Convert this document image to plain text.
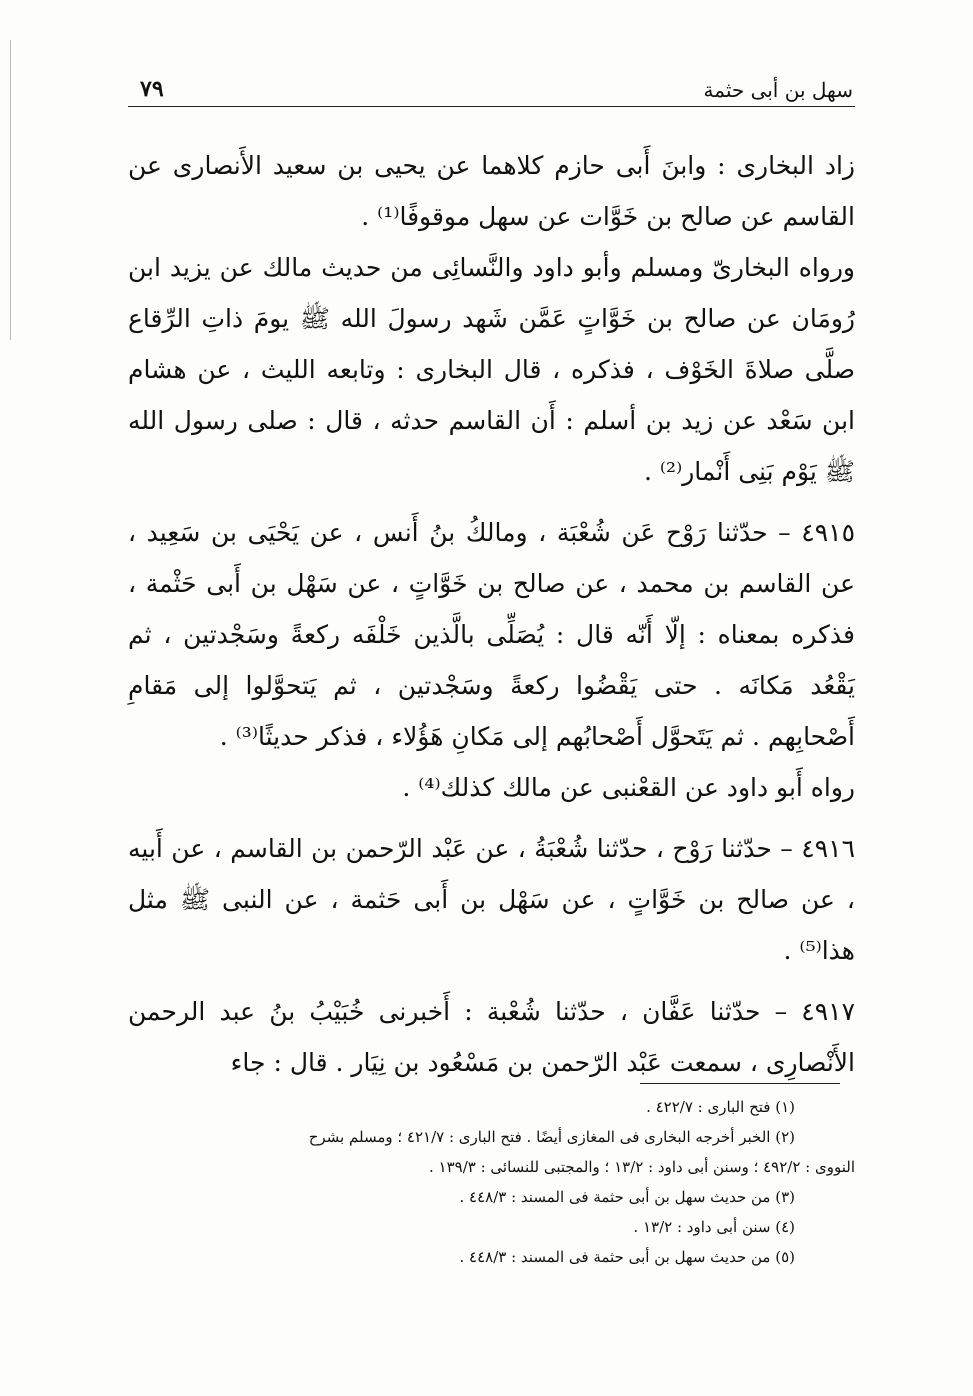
سهل بن أبى حثمة
٧٩

زاد البخارى : وابنَ أَبى حازم كلاهما عن يحيى بن سعيد الأَنصارى عن القاسم عن صالح بن خَوَّات عن سهل موقوفًا⁽¹⁾ .

ورواه البخارىّ ومسلم وأبو داود والنَّسائِى من حديث مالك عن يزيد ابن رُومَان عن صالح بن خَوَّاتٍ عَمَّن شَهد رسولَ الله ﷺ يومَ ذاتِ الرِّقاع صلَّى صلاةَ الخَوْف ، فذكره ، قال البخارى : وتابعه الليث ، عن هشام ابن سَعْد عن زيد بن أسلم : أَن القاسم حدثه ، قال : صلى رسول الله ﷺ يَوْم بَنِى أَنْمار⁽²⁾ .

٤٩١٥ – حدّثنا رَوْح عَن شُعْبَة ، ومالكُ بنُ أَنس ، عن يَحْيَى بن سَعِيد ، عن القاسم بن محمد ، عن صالح بن خَوَّاتٍ ، عن سَهْل بن أَبى حَثْمة ، فذكره بمعناه : إلّا أَنّه قال : يُصَلِّى بالَّذين خَلْفَه ركعةً وسَجْدتين ، ثم يَقْعُد مَكانَه . حتى يَقْضُوا ركعةً وسَجْدتين ، ثم يَتحوَّلوا إلى مَقامِ أَصْحابِهم . ثم يَتَحوَّل أَصْحابُهم إلى مَكانِ هَؤُلاء ، فذكر حديثًا⁽³⁾ .

رواه أَبو داود عن القعْنبى عن مالك كذلك⁽⁴⁾ .

٤٩١٦ – حدّثنا رَوْح ، حدّثنا شُعْبَةُ ، عن عَبْد الرّحمن بن القاسم ، عن أَبيه ، عن صالح بن خَوَّاتٍ ، عن سَهْل بن أَبى حَثمة ، عن النبى ﷺ مثل هذا⁽⁵⁾ .

٤٩١٧ – حدّثنا عَفَّان ، حدّثنا شُعْبة : أَخبرنى خُبَيْبُ بنُ عبد الرحمن الأَنْصارِى ، سمعت عَبْد الرّحمن بن مَسْعُود بن نِيَار . قال : جاء

(١) فتح البارى : ٤٢٢/٧ .

(٢) الخبر أخرجه البخارى فى المغازى أيضًا . فتح البارى : ٤٢١/٧ ؛ ومسلم بشرح

النووى : ٤٩٢/٢ ؛ وسنن أبى داود : ١٣/٢ ؛ والمجتبى للنسائى : ١٣٩/٣ .

(٣) من حديث سهل بن أبى حثمة فى المسند : ٤٤٨/٣ .

(٤) سنن أبى داود : ١٣/٢ .

(٥) من حديث سهل بن أبى حثمة فى المسند : ٤٤٨/٣ .
